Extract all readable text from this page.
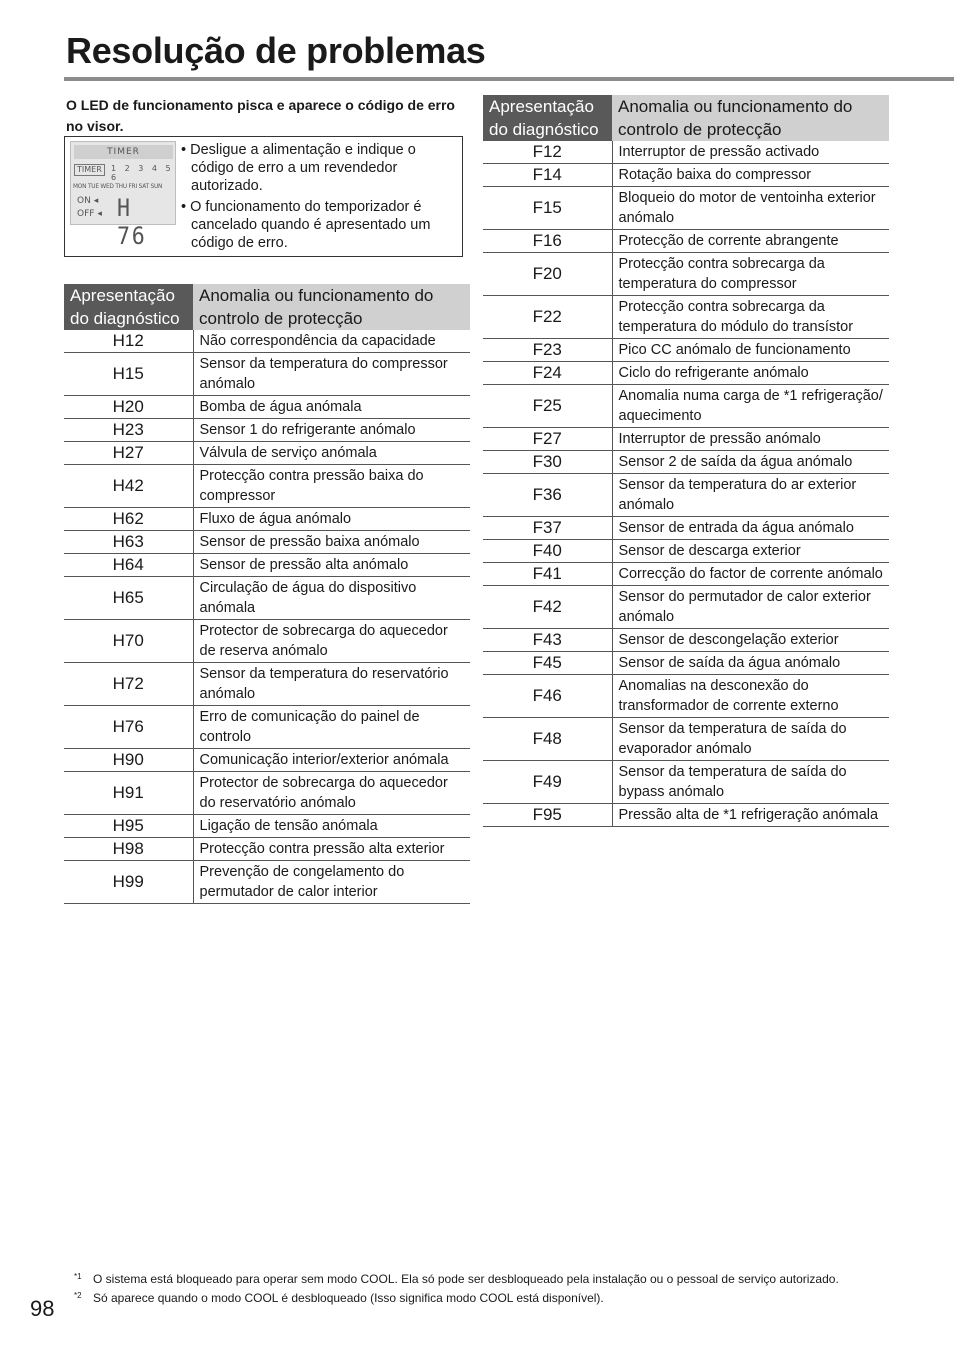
Resolução de problemas
O LED de funcionamento pisca e aparece o código de erro no visor.
TIMER
TIMER	1 2 3 4 5 6
MON TUE WED THU FRI SAT SUN
ON ◂
OFF ◂ H 76
• Desligue a alimentação e indique o código de erro a um revendedor autorizado.
• O funcionamento do temporizador é cancelado quando é apresentado um código de erro.
Apresentação do diagnóstico	Anomalia ou funcionamento do controlo de protecção
H12	Não correspondência da capacidade
H15	Sensor da temperatura do compressor anómalo
H20	Bomba de água anómala
H23	Sensor 1 do refrigerante anómalo
H27	Válvula de serviço anómala
H42	Protecção contra pressão baixa do compressor
H62	Fluxo de água anómalo
H63	Sensor de pressão baixa anómalo
H64	Sensor de pressão alta anómalo
H65	Circulação de água do dispositivo anómala
H70	Protector de sobrecarga do aquecedor de reserva anómalo
H72	Sensor da temperatura do reservatório anómalo
H76	Erro de comunicação do painel de controlo
H90	Comunicação interior/exterior anómala
H91	Protector de sobrecarga do aquecedor do reservatório anómalo
H95	Ligação de tensão anómala
H98	Protecção contra pressão alta exterior
H99	Prevenção de congelamento do permutador de calor interior
Apresentação do diagnóstico	Anomalia ou funcionamento do controlo de protecção
F12	Interruptor de pressão activado
F14	Rotação baixa do compressor
F15	Bloqueio do motor de ventoinha exterior anómalo
F16	Protecção de corrente abrangente
F20	Protecção contra sobrecarga da temperatura do compressor
F22	Protecção contra sobrecarga da temperatura do módulo do transístor
F23	Pico CC anómalo de funcionamento
F24	Ciclo do refrigerante anómalo
F25	Anomalia numa carga de *1 refrigeração/ aquecimento
F27	Interruptor de pressão anómalo
F30	Sensor 2 de saída da água anómalo
F36	Sensor da temperatura do ar exterior anómalo
F37	Sensor de entrada da água anómalo
F40	Sensor de descarga exterior
F41	Correcção do factor de corrente anómalo
F42	Sensor do permutador de calor exterior anómalo
F43	Sensor de descongelação exterior
F45	Sensor de saída da água anómalo
F46	Anomalias na desconexão do transformador de corrente externo
F48	Sensor da temperatura de saída do evaporador anómalo
F49	Sensor da temperatura de saída do bypass anómalo
F95	Pressão alta de *1 refrigeração anómala
*1 O sistema está bloqueado para operar sem modo COOL. Ela só pode ser desbloqueado pela instalação ou o pessoal de serviço autorizado.
*2 Só aparece quando o modo COOL é desbloqueado (Isso significa modo COOL está disponível).
98
